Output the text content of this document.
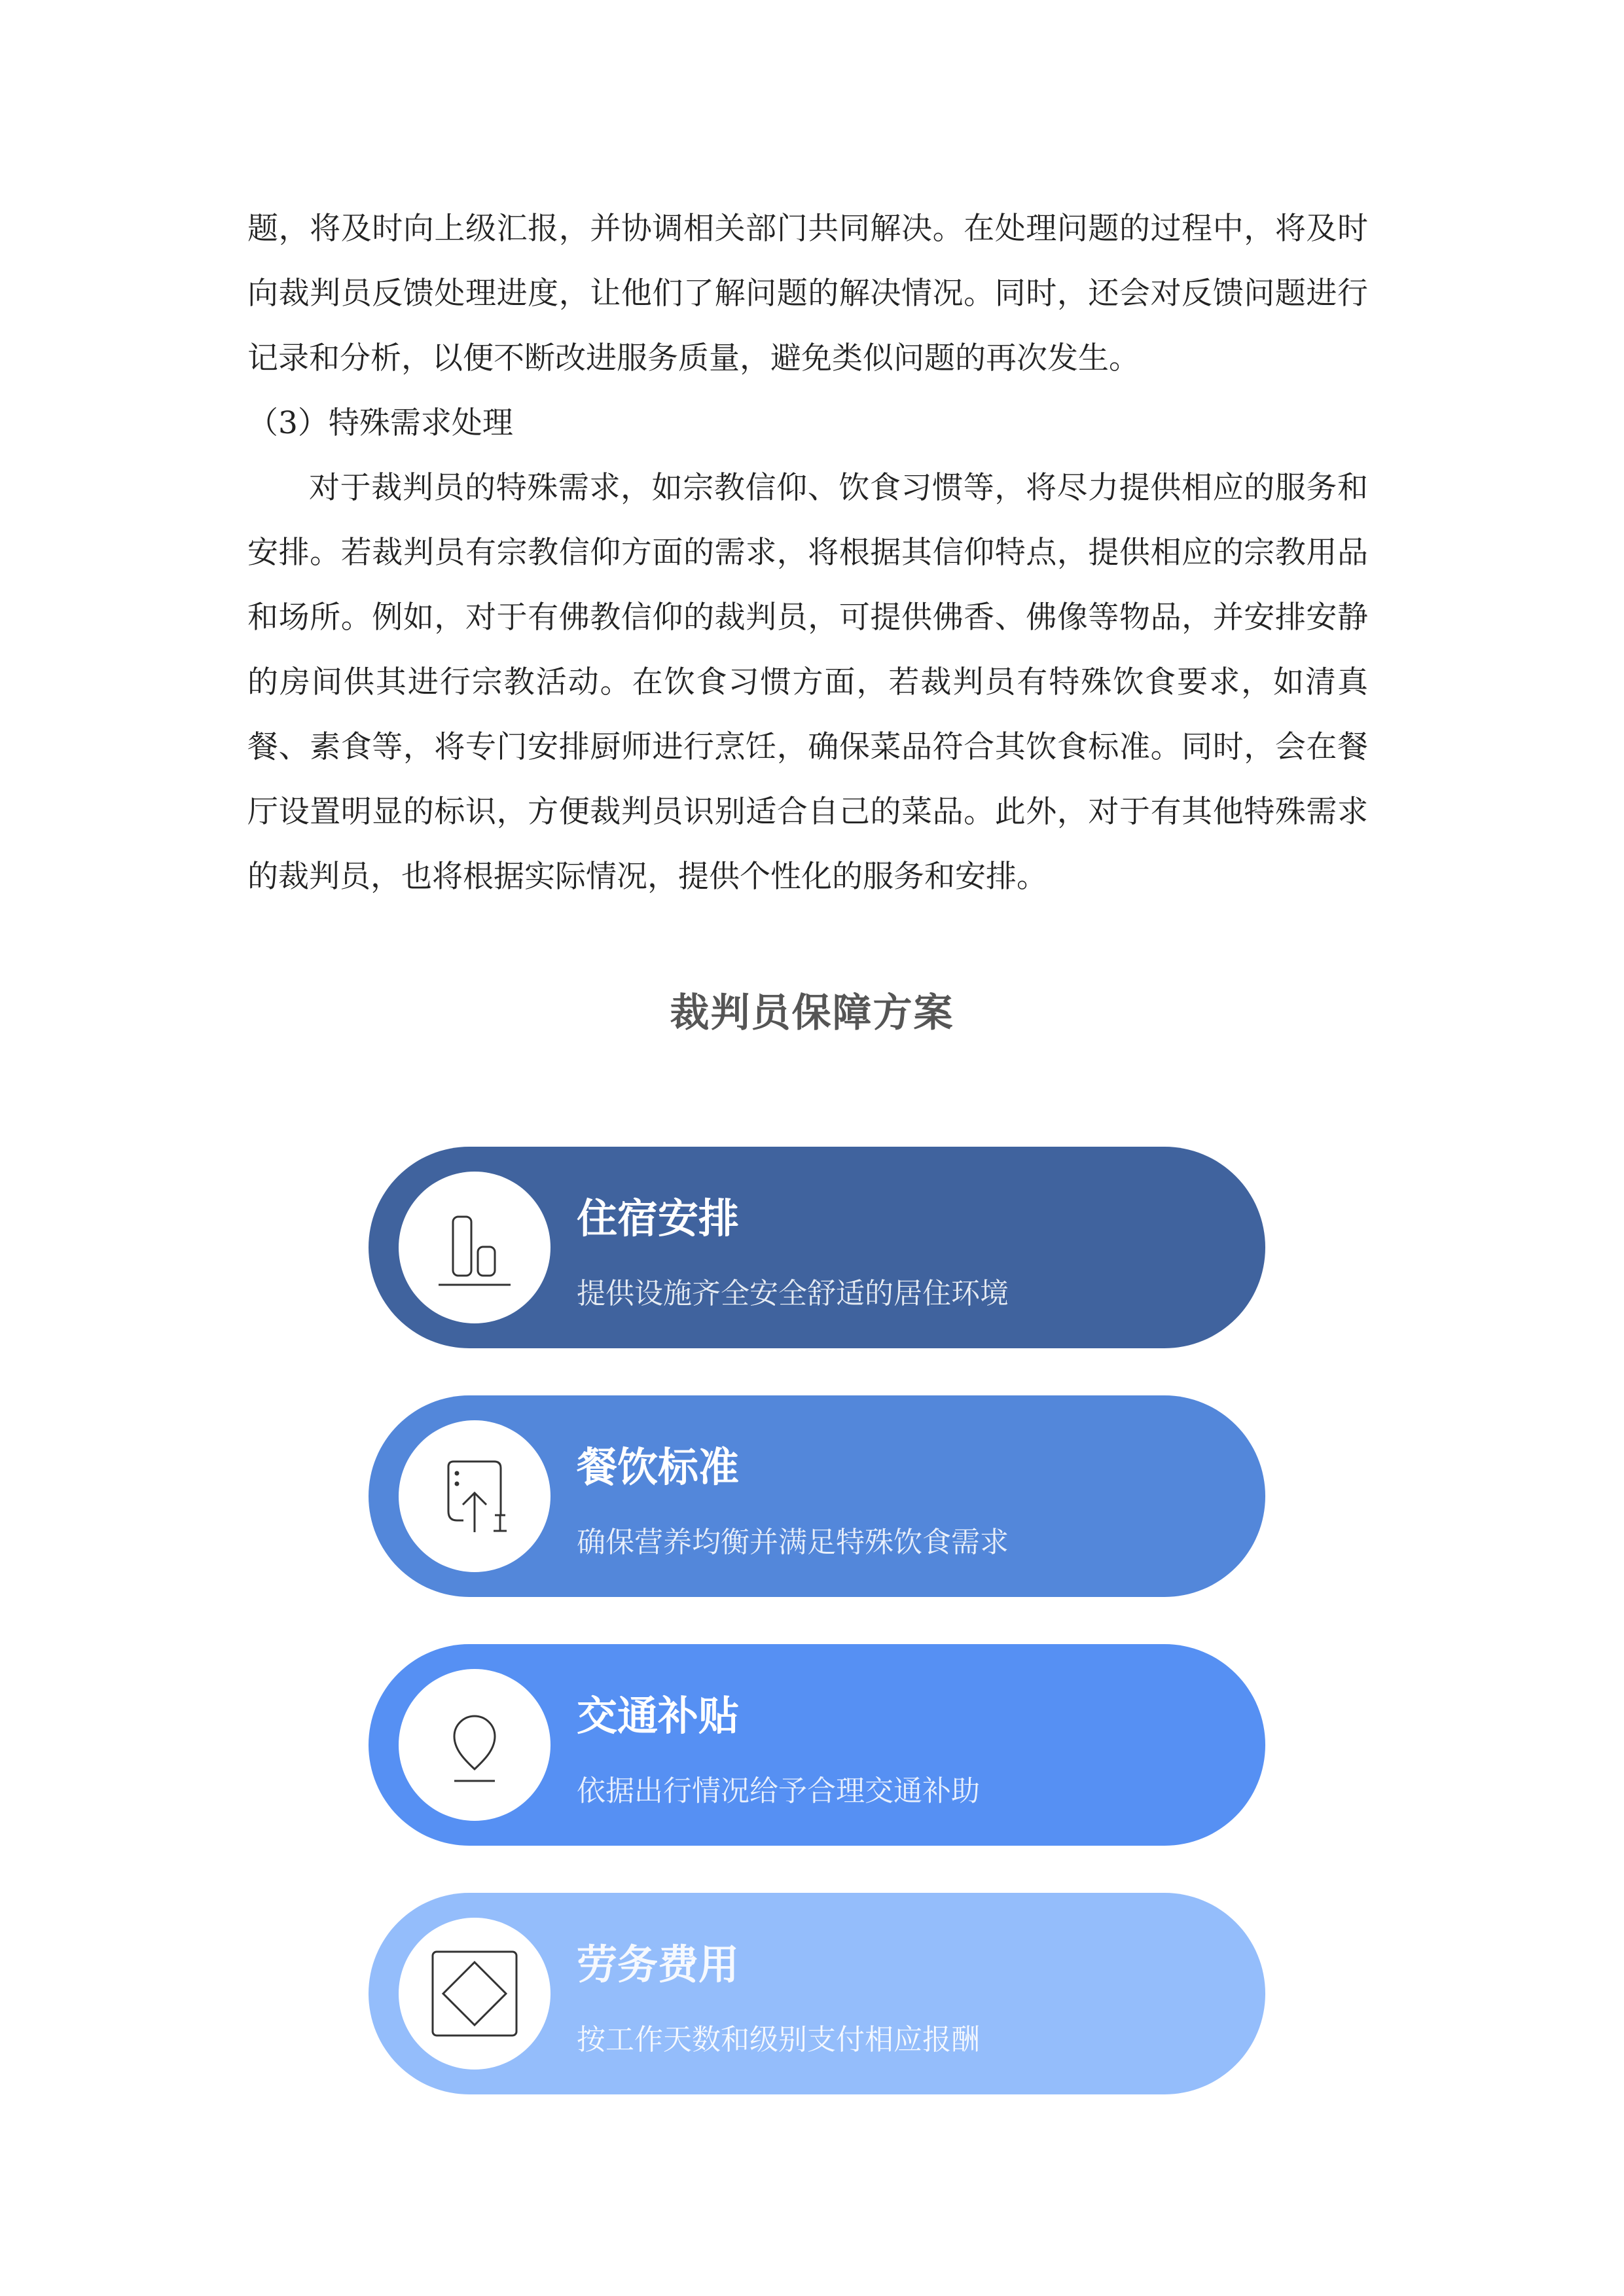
题，将及时向上级汇报，并协调相关部门共同解决。在处理问题的过程中，将及时向裁判员反馈处理进度，让他们了解问题的解决情况。同时，还会对反馈问题进行记录和分析，以便不断改进服务质量，避免类似问题的再次发生。

（3）特殊需求处理

对于裁判员的特殊需求，如宗教信仰、饮食习惯等，将尽力提供相应的服务和安排。若裁判员有宗教信仰方面的需求，将根据其信仰特点，提供相应的宗教用品和场所。例如，对于有佛教信仰的裁判员，可提供佛香、佛像等物品，并安排安静的房间供其进行宗教活动。在饮食习惯方面，若裁判员有特殊饮食要求，如清真餐、素食等，将专门安排厨师进行烹饪，确保菜品符合其饮食标准。同时，会在餐厅设置明显的标识，方便裁判员识别适合自己的菜品。此外，对于有其他特殊需求的裁判员，也将根据实际情况，提供个性化的服务和安排。

裁判员保障方案
住宿安排
提供设施齐全安全舒适的居住环境
餐饮标准
确保营养均衡并满足特殊饮食需求
交通补贴
依据出行情况给予合理交通补助
劳务费用
按工作天数和级别支付相应报酬
